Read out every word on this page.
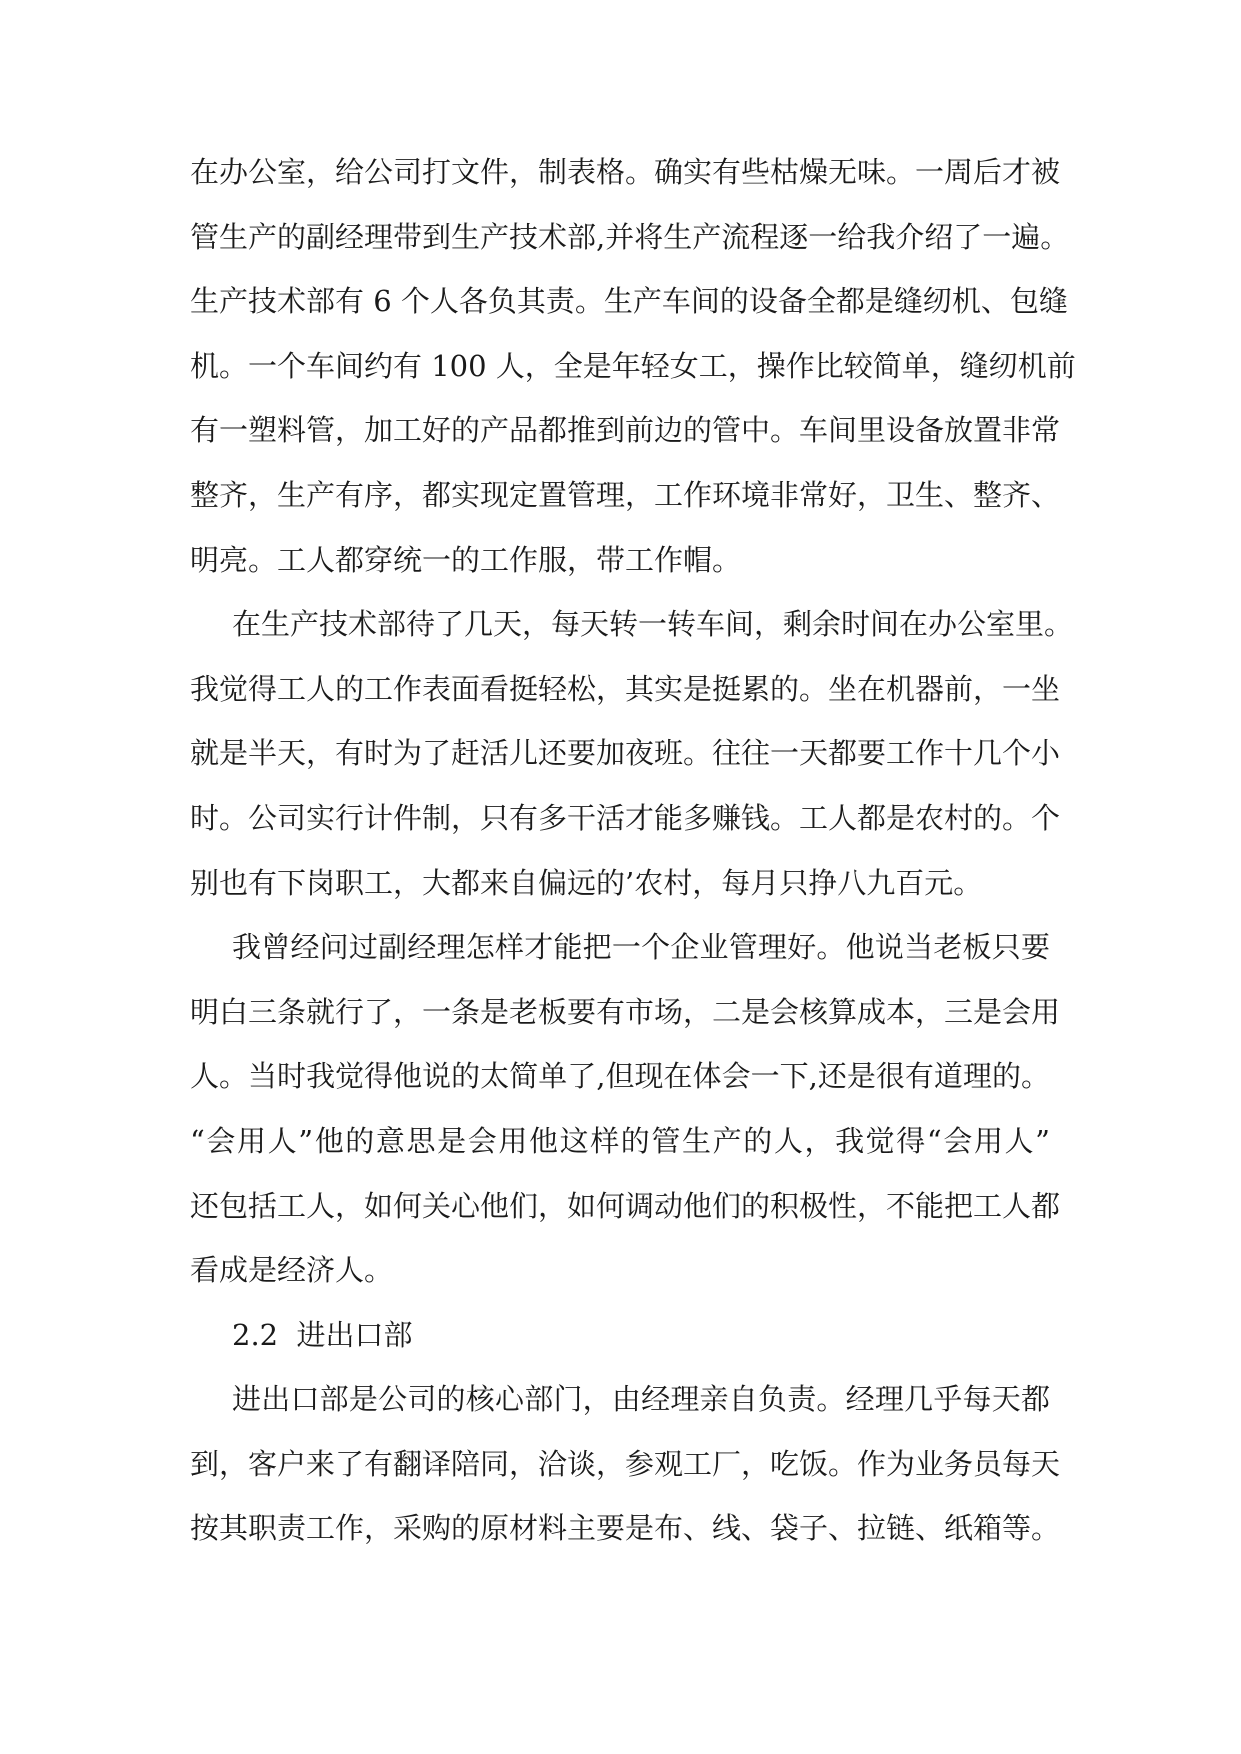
在办公室，给公司打文件，制表格。确实有些枯燥无味。一周后才被
管生产的副经理带到生产技术部,并将生产流程逐一给我介绍了一遍。
生产技术部有 6 个人各负其责。生产车间的设备全都是缝纫机、包缝
机。一个车间约有 100 人，全是年轻女工，操作比较简单，缝纫机前
有一塑料管，加工好的产品都推到前边的管中。车间里设备放置非常
整齐，生产有序，都实现定置管理，工作环境非常好，卫生、整齐、
明亮。工人都穿统一的工作服，带工作帽。
在生产技术部待了几天，每天转一转车间，剩余时间在办公室里。
我觉得工人的工作表面看挺轻松，其实是挺累的。坐在机器前，一坐
就是半天，有时为了赶活儿还要加夜班。往往一天都要工作十几个小
时。公司实行计件制，只有多干活才能多赚钱。工人都是农村的。个
别也有下岗职工，大都来自偏远的’农村，每月只挣八九百元。
我曾经问过副经理怎样才能把一个企业管理好。他说当老板只要
明白三条就行了，一条是老板要有市场，二是会核算成本，三是会用
人。当时我觉得他说的太简单了,但现在体会一下,还是很有道理的。
“会用人”他的意思是会用他这样的管生产的人，我觉得“会用人”
还包括工人，如何关心他们，如何调动他们的积极性，不能把工人都
看成是经济人。
2.2  进出口部
进出口部是公司的核心部门，由经理亲自负责。经理几乎每天都
到，客户来了有翻译陪同，洽谈，参观工厂，吃饭。作为业务员每天
按其职责工作，采购的原材料主要是布、线、袋子、拉链、纸箱等。
